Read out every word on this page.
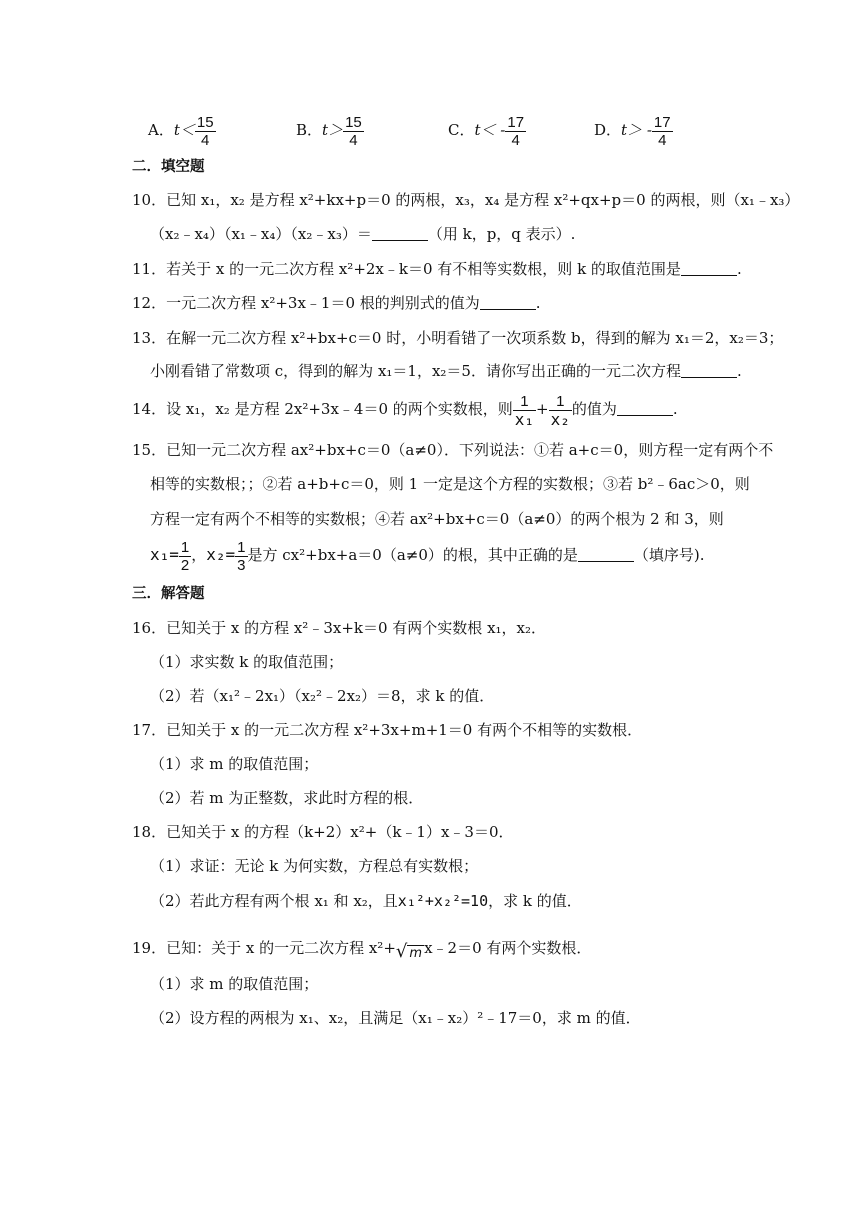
A．$t< \frac{15}{4}$	B．$t> \frac{15}{4}$	C．$t< - \frac{17}{4}$	D．$t> - \frac{17}{4}$
二．填空题
10．已知 x₁，x₂ 是方程 x²+kx+p＝0 的两根，x₃，x₄ 是方程 x²+qx+p＝0 的两根，则（x₁﹣x₃）
（x₂﹣x₄）（x₁﹣x₄）（x₂﹣x₃）＝	（用 k，p，q 表示）.
11．若关于 x 的一元二次方程 x²+2x﹣k＝0 有不相等实数根，则 k 的取值范围是	.
12．一元二次方程 x²+3x﹣1＝0 根的判别式的值为	.
13．在解一元二次方程 x²+bx+c＝0 时，小明看错了一次项系数 b，得到的解为 x₁＝2，x₂＝3；
小刚看错了常数项 c，得到的解为 x₁＝1，x₂＝5．请你写出正确的一元二次方程	.
14．设 x₁，x₂ 是方程 2x²+3x﹣4＝0 的两个实数根，则 $\frac{1}{\text{x₁}} + \frac{1}{\text{x₂}}$ 的值为	.
15．已知一元二次方程 ax²+bx+c＝0（a≠0）．下列说法：①若 a+c＝0，则方程一定有两个不
相等的实数根；；②若 a+b+c＝0，则 1 一定是这个方程的实数根；③若 b²﹣6ac＞0，则
方程一定有两个不相等的实数根；④若 ax²+bx+c＝0（a≠0）的两个根为 2 和 3，则
$x_1= \frac{1}{2}$ ，$x_2= \frac{1}{3}$ 是方 cx²+bx+a＝0（a≠0）的根，其中正确的是	（填序号).
三．解答题
16．已知关于 x 的方程 x²﹣3x+k＝0 有两个实数根 x₁，x₂．
（1）求实数 k 的取值范围；
（2）若（x₁²﹣2x₁）（x₂²﹣2x₂）＝8，求 k 的值．
17．已知关于 x 的一元二次方程 x²+3x+m+1＝0 有两个不相等的实数根．
（1）求 m 的取值范围；
（2）若 m 为正整数，求此时方程的根．
18．已知关于 x 的方程（k+2）x²+（k﹣1）x﹣3＝0．
（1）求证：无论 k 为何实数，方程总有实数根；
（2）若此方程有两个根 x₁ 和 x₂，且x₁²+x₂²=10，求 k 的值．
19．已知：关于 x 的一元二次方程 x²+√ m x﹣2＝0 有两个实数根．
（1）求 m 的取值范围；
（2）设方程的两根为 x₁、x₂，且满足（x₁﹣x₂）²﹣17＝0，求 m 的值．
